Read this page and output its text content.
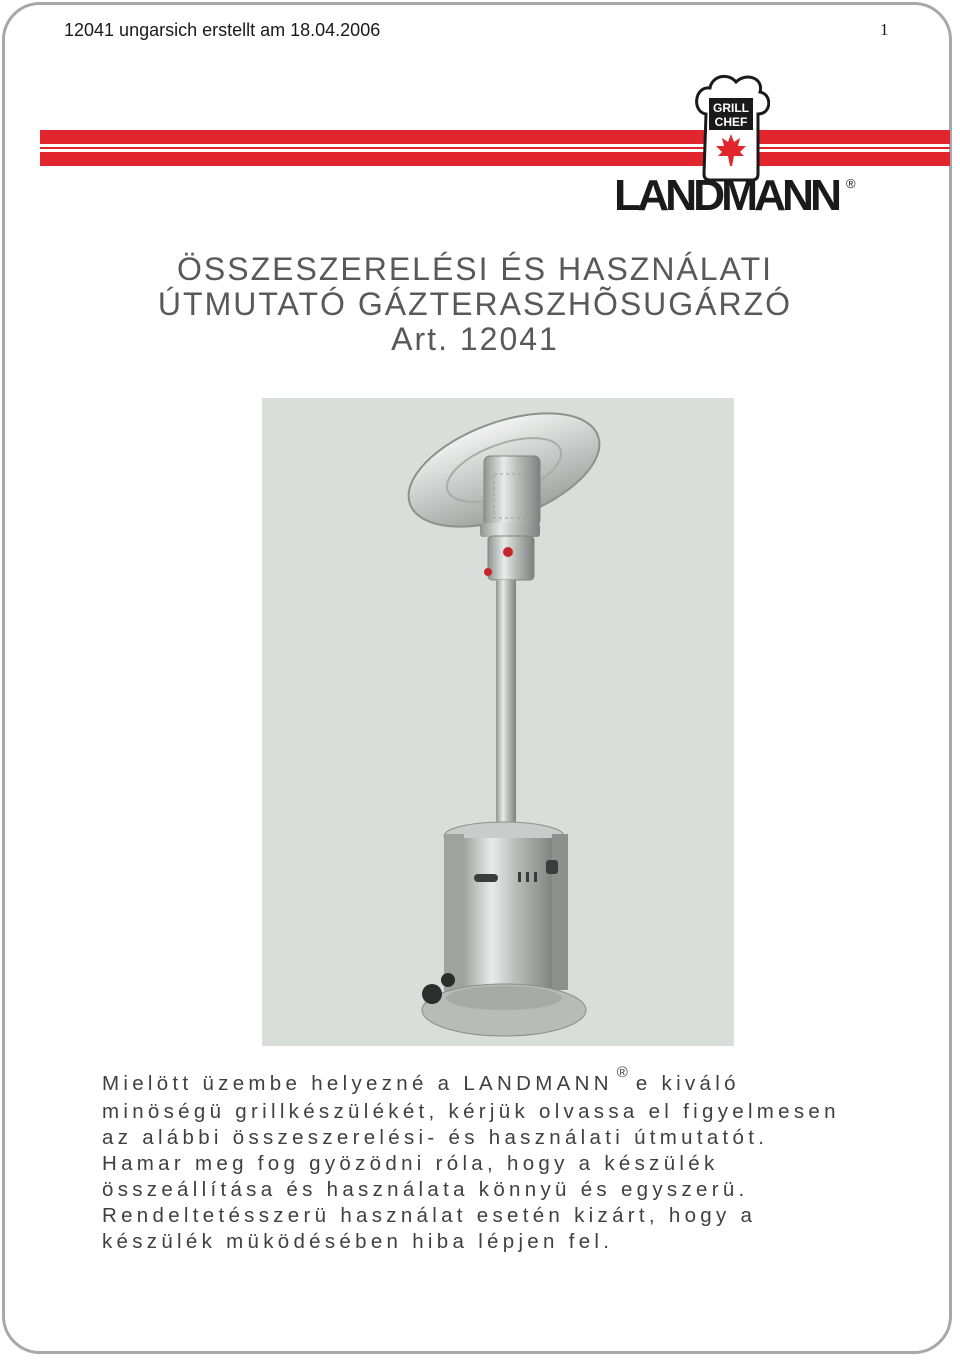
12041 ungarsich erstellt am 18.04.2006	1
GRILL
CHEF
LANDMANN ®
ÖSSZESZERELÉSI ÉS HASZNÁLATI
ÚTMUTATÓ GÁZTERASZHÕSUGÁRZÓ
Art. 12041
Mielött üzembe helyezné a LANDMANN ® e kiváló
minöségü grillkészülékét, kérjük olvassa el figyelmesen
az alábbi összeszerelési- és használati útmutatót.
Hamar meg fog gyözödni róla, hogy a készülék
összeállítása és használata könnyü és egyszerü.
Rendeltetésszerü használat esetén kizárt, hogy a
készülék müködésében hiba lépjen fel.
